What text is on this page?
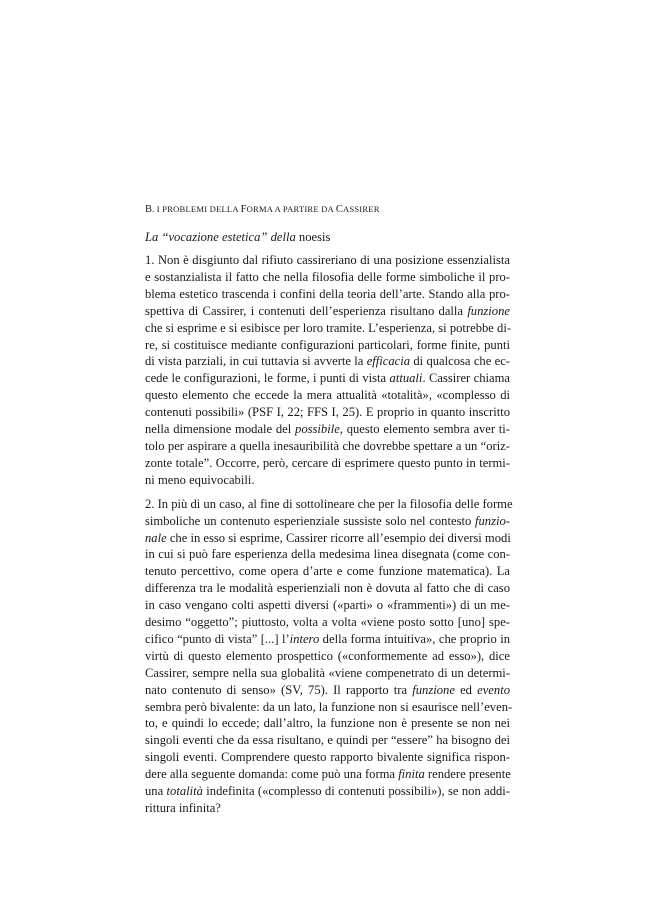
B. I PROBLEMI DELLA FORMA A PARTIRE DA CASSIRER

La “vocazione estetica” della noesis

1. Non è disgiunto dal rifiuto cassireriano di una posizione essenzialista
e sostanzialista il fatto che nella filosofia delle forme simboliche il pro-
blema estetico trascenda i confini della teoria dell’arte. Stando alla pro-
spettiva di Cassirer, i contenuti dell’esperienza risultano dalla funzione
che si esprime e si esibisce per loro tramite. L’esperienza, si potrebbe di-
re, si costituisce mediante configurazioni particolari, forme finite, punti
di vista parziali, in cui tuttavia si avverte la efficacia di qualcosa che ec-
cede le configurazioni, le forme, i punti di vista attuali. Cassirer chiama
questo elemento che eccede la mera attualità «totalità», «complesso di
contenuti possibili» (PSF I, 22; FFS I, 25). E proprio in quanto inscritto
nella dimensione modale del possibile, questo elemento sembra aver ti-
tolo per aspirare a quella inesauribilità che dovrebbe spettare a un “oriz-
zonte totale”. Occorre, però, cercare di esprimere questo punto in termi-
ni meno equivocabili.

2. In più di un caso, al fine di sottolineare che per la filosofia delle forme
simboliche un contenuto esperienziale sussiste solo nel contesto funzio-
nale che in esso si esprime, Cassirer ricorre all’esempio dei diversi modi
in cui si può fare esperienza della medesima linea disegnata (come con-
tenuto percettivo, come opera d’arte e come funzione matematica). La
differenza tra le modalità esperienziali non è dovuta al fatto che di caso
in caso vengano colti aspetti diversi («parti» o «frammenti») di un me-
desimo “oggetto”; piuttosto, volta a volta «viene posto sotto [uno] spe-
cifico “punto di vista” [...] l’intero della forma intuitiva», che proprio in
virtù di questo elemento prospettico («conformemente ad esso»), dice
Cassirer, sempre nella sua globalità «viene compenetrato di un determi-
nato contenuto di senso» (SV, 75). Il rapporto tra funzione ed evento
sembra però bivalente: da un lato, la funzione non si esaurisce nell’even-
to, e quindi lo eccede; dall’altro, la funzione non è presente se non nei
singoli eventi che da essa risultano, e quindi per “essere” ha bisogno dei
singoli eventi. Comprendere questo rapporto bivalente significa rispon-
dere alla seguente domanda: come può una forma finita rendere presente
una totalità indefinita («complesso di contenuti possibili»), se non addi-
rittura infinita?
